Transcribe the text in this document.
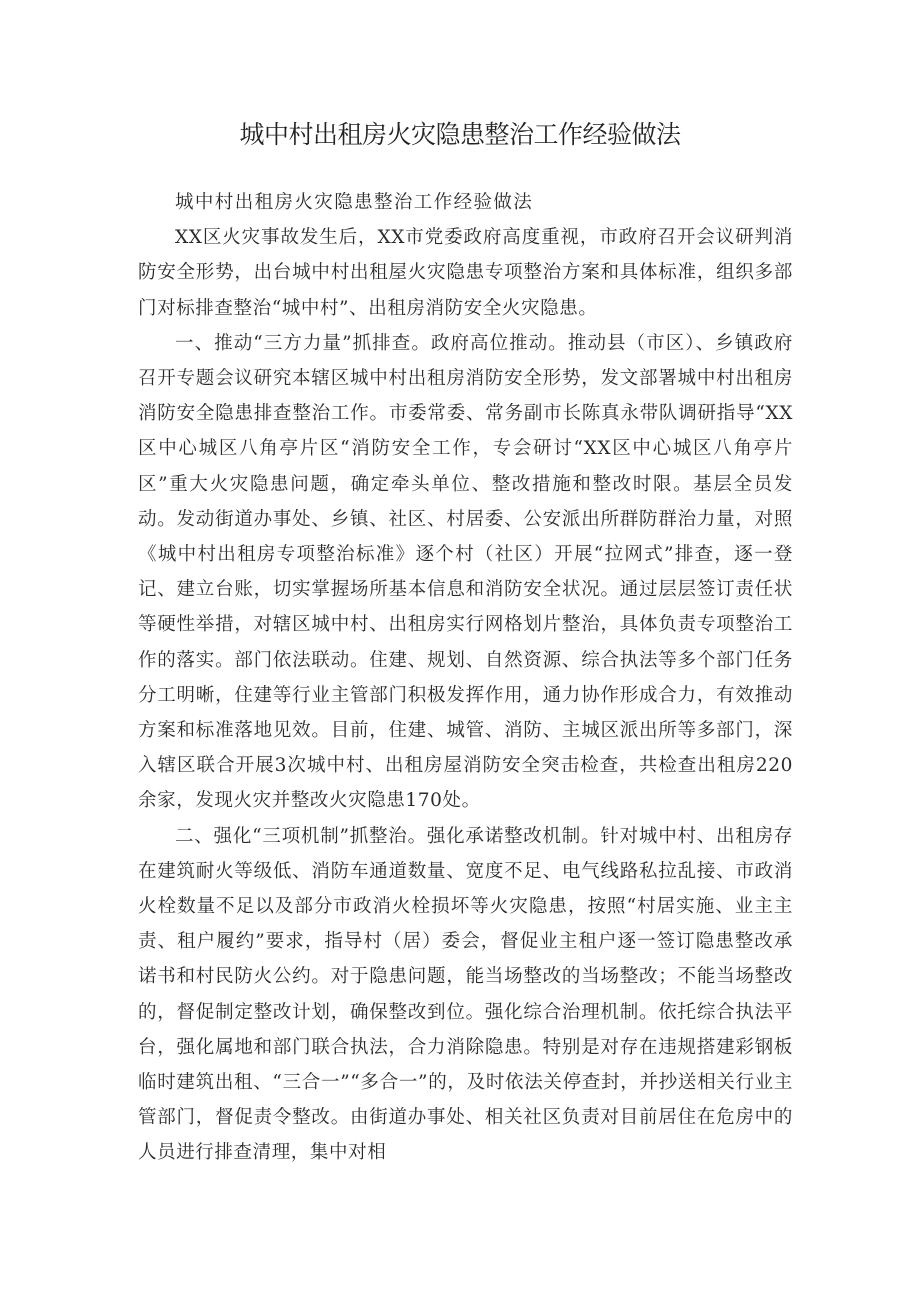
城中村出租房火灾隐患整治工作经验做法

城中村出租房火灾隐患整治工作经验做法

XX区火灾事故发生后，XX市党委政府高度重视，市政府召开会议研判消防安全形势，出台城中村出租屋火灾隐患专项整治方案和具体标准，组织多部门对标排查整治“城中村”、出租房消防安全火灾隐患。

一、推动“三方力量”抓排查。政府高位推动。推动县（市区）、乡镇政府召开专题会议研究本辖区城中村出租房消防安全形势，发文部署城中村出租房消防安全隐患排查整治工作。市委常委、常务副市长陈真永带队调研指导“XX区中心城区八角亭片区“消防安全工作，专会研讨“XX区中心城区八角亭片区”重大火灾隐患问题，确定牵头单位、整改措施和整改时限。基层全员发动。发动街道办事处、乡镇、社区、村居委、公安派出所群防群治力量，对照《城中村出租房专项整治标准》逐个村（社区）开展“拉网式”排查，逐一登记、建立台账，切实掌握场所基本信息和消防安全状况。通过层层签订责任状等硬性举措，对辖区城中村、出租房实行网格划片整治，具体负责专项整治工作的落实。部门依法联动。住建、规划、自然资源、综合执法等多个部门任务分工明晰，住建等行业主管部门积极发挥作用，通力协作形成合力，有效推动方案和标准落地见效。目前，住建、城管、消防、主城区派出所等多部门，深入辖区联合开展3次城中村、出租房屋消防安全突击检查，共检查出租房220余家，发现火灾并整改火灾隐患170处。

二、强化“三项机制”抓整治。强化承诺整改机制。针对城中村、出租房存在建筑耐火等级低、消防车通道数量、宽度不足、电气线路私拉乱接、市政消火栓数量不足以及部分市政消火栓损坏等火灾隐患，按照“村居实施、业主主责、租户履约”要求，指导村（居）委会，督促业主租户逐一签订隐患整改承诺书和村民防火公约。对于隐患问题，能当场整改的当场整改；不能当场整改的，督促制定整改计划，确保整改到位。强化综合治理机制。依托综合执法平台，强化属地和部门联合执法，合力消除隐患。特别是对存在违规搭建彩钢板临时建筑出租、“三合一”“多合一”的，及时依法关停查封，并抄送相关行业主管部门，督促责令整改。由街道办事处、相关社区负责对目前居住在危房中的人员进行排查清理，集中对相
